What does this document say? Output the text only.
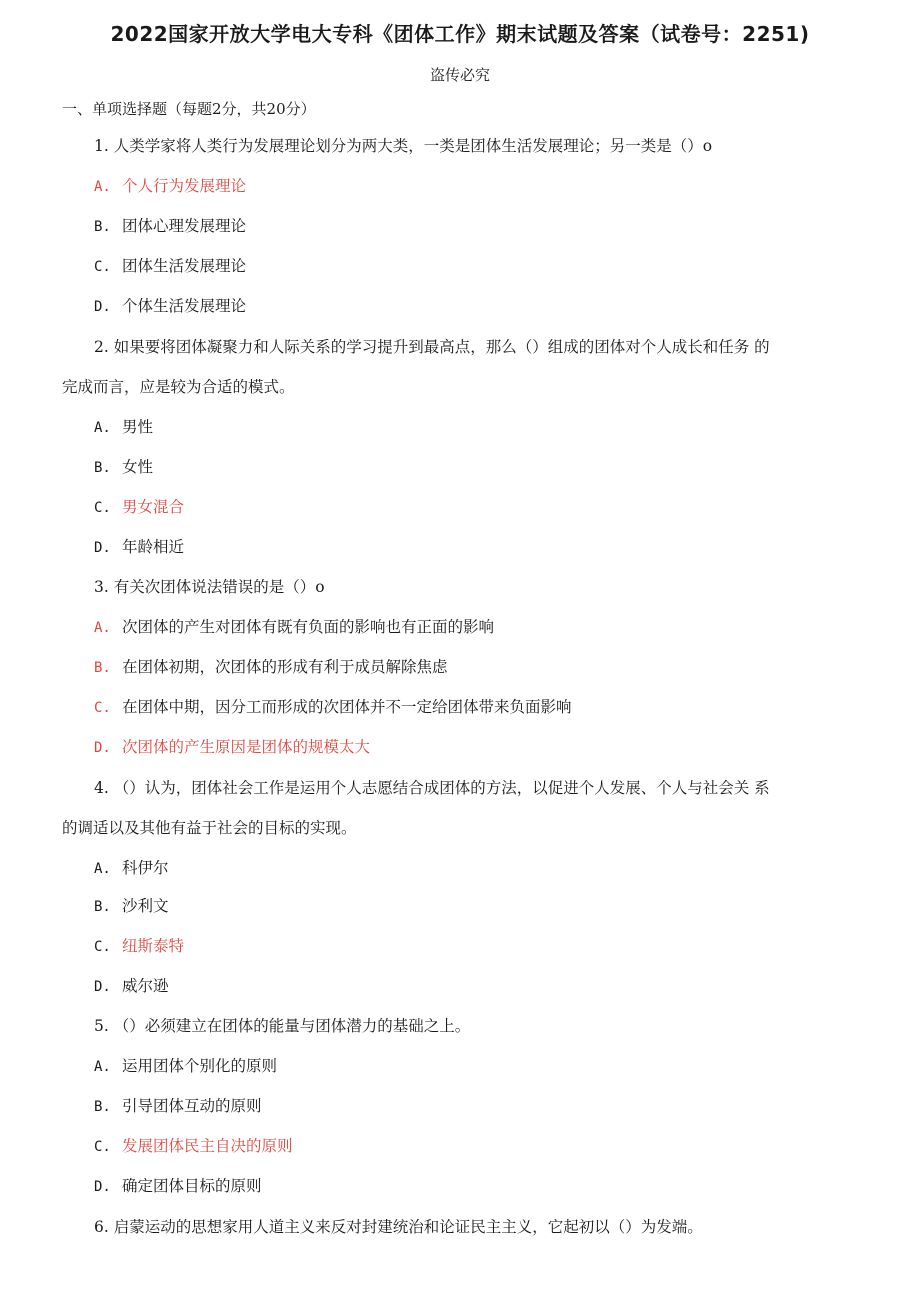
2022国家开放大学电大专科《团体工作》期末试题及答案（试卷号：2251)
盗传必究
一、单项选择题（每题2分，共20分）
1. 人类学家将人类行为发展理论划分为两大类，一类是团体生活发展理论；另一类是（）o
A. 个人行为发展理论
B. 团体心理发展理论
C. 团体生活发展理论
D. 个体生活发展理论
2. 如果要将团体凝聚力和人际关系的学习提升到最高点，那么（）组成的团体对个人成长和任务 的
完成而言，应是较为合适的模式。
A. 男性
B. 女性
C. 男女混合
D. 年龄相近
3. 有关次团体说法错误的是（）o
A. 次团体的产生对团体有既有负面的影响也有正面的影响
B. 在团体初期，次团体的形成有利于成员解除焦虑
C. 在团体中期，因分工而形成的次团体并不一定给团体带来负面影响
D. 次团体的产生原因是团体的规模太大
4. （）认为，团体社会工作是运用个人志愿结合成团体的方法，以促进个人发展、个人与社会关 系
的调适以及其他有益于社会的目标的实现。
A. 科伊尔
B. 沙利文
C. 纽斯泰特
D. 威尔逊
5. （）必须建立在团体的能量与团体潜力的基础之上。
A. 运用团体个别化的原则
B. 引导团体互动的原则
C. 发展团体民主自决的原则
D. 确定团体目标的原则
6. 启蒙运动的思想家用人道主义来反对封建统治和论证民主主义，它起初以（）为发端。
